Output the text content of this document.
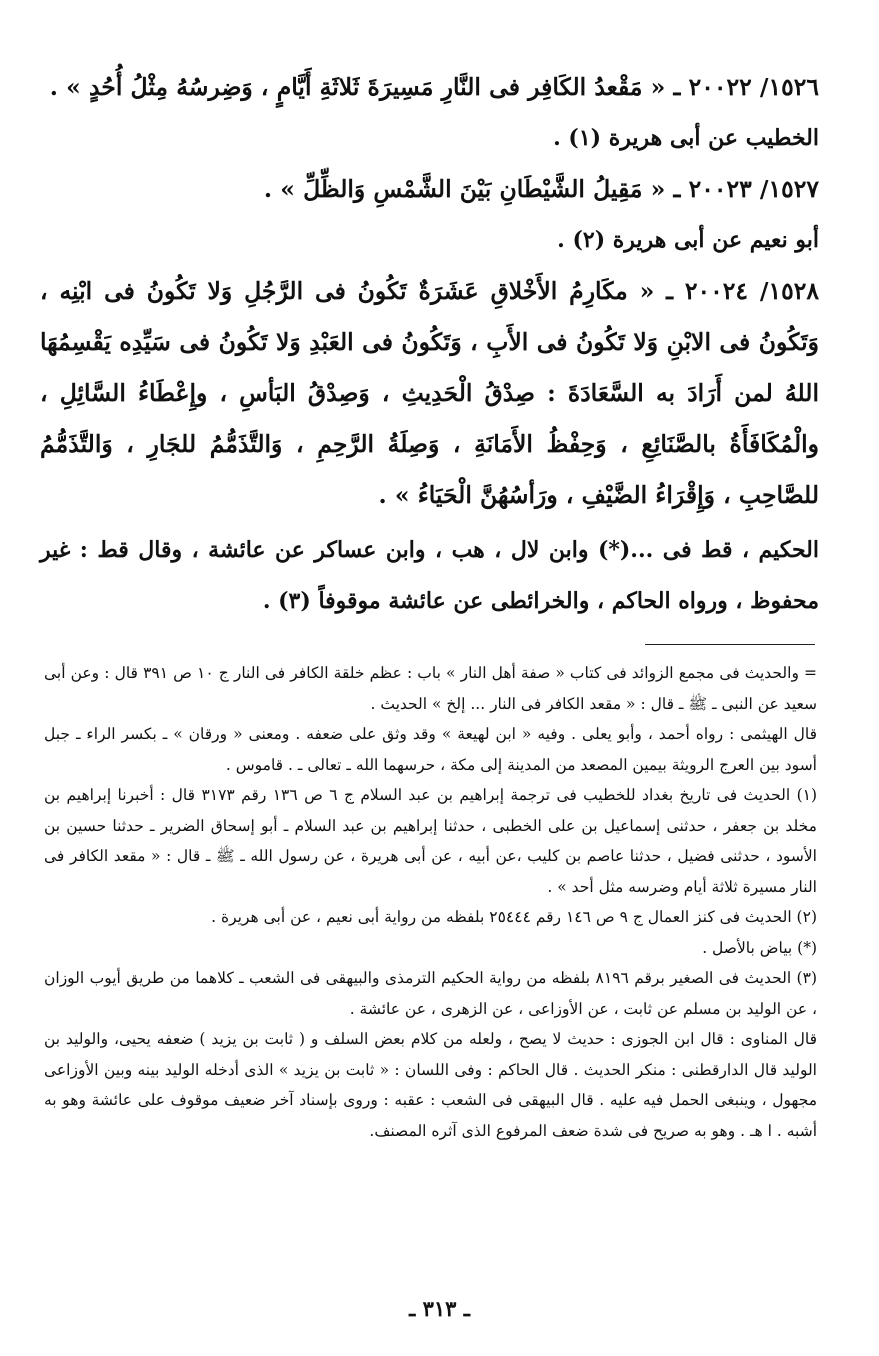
١٥٢٦/ ٢٠٠٢٢ ـ « مَقْعدُ الكَافِر فى النَّارِ مَسِيرَةَ ثَلاثَةِ أَيَّامٍ ، وَضِرسُهُ مِثْلُ أُحُدٍ » .

الخطيب عن أبى هريرة (١) .

١٥٢٧/ ٢٠٠٢٣ ـ « مَقِيلُ الشَّيْطَانِ بَيْنَ الشَّمْسِ وَالظِّلِّ » .

أبو نعيم عن أبى هريرة (٢) .

١٥٢٨/ ٢٠٠٢٤ ـ « مكَارِمُ الأَخْلاقِ عَشَرَةٌ تَكُونُ فى الرَّجُلِ وَلا تَكُونُ فى ابْنِه ، وَتَكُونُ فى الابْنِ وَلا تَكُونُ فى الأَبِ ، وَتَكُونُ فى العَبْدِ وَلا تَكُونُ فى سَيِّدِه يَقْسِمُهَا اللهُ لمن أَرَادَ به السَّعَادَةَ : صِدْقُ الْحَدِيثِ ، وَصِدْقُ البَأسِ ، وإِعْطَاءُ السَّائِلِ ، والْمُكَافَأَةُ بالصَّنَائِعِ ، وَحِفْظُ الأَمَانَةِ ، وَصِلَةُ الرَّحِمِ ، وَالتَّذَمُّمُ للجَارِ ، وَالتَّذَمُّمُ للصَّاحِبِ ، وَإِقْرَاءُ الضَّيْفِ ، ورَأسُهُنَّ الْحَيَاءُ » .

الحكيم ، قط فى ...(*) وابن لال ، هب ، وابن عساكر عن عائشة ، وقال قط : غير محفوظ ، ورواه الحاكم ، والخرائطى عن عائشة موقوفاً (٣) .

= والحديث فى مجمع الزوائد فى كتاب « صفة أهل النار » باب : عظم خلقة الكافر فى النار ج ١٠ ص ٣٩١ قال : وعن أبى سعيد عن النبى ـ ﷺ ـ قال : « مقعد الكافر فى النار ... إلخ » الحديث .

قال الهيثمى : رواه أحمد ، وأبو يعلى . وفيه « ابن لهيعة » وقد وثق على ضعفه . ومعنى « ورقان » ـ بكسر الراء ـ جبل أسود بين العرج الرويثة بيمين المصعد من المدينة إلى مكة ، حرسهما الله ـ تعالى ـ . قاموس .

(١) الحديث فى تاريخ بغداد للخطيب فى ترجمة إبراهيم بن عبد السلام ج ٦ ص ١٣٦ رقم ٣١٧٣ قال : أخبرنا إبراهيم بن مخلد بن جعفر ، حدثنى إسماعيل بن على الخطبى ، حدثنا إبراهيم بن عبد السلام ـ أبو إسحاق الضرير ـ حدثنا حسين بن الأسود ، حدثنى فضيل ، حدثنا عاصم بن كليب ،عن أبيه ، عن أبى هريرة ، عن رسول الله ـ ﷺ ـ قال : « مقعد الكافر فى النار مسيرة ثلاثة أيام وضرسه مثل أحد » .

(٢) الحديث فى كنز العمال ج ٩ ص ١٤٦ رقم ٢٥٤٤٤ بلفظه من رواية أبى نعيم ، عن أبى هريرة .

(*) بياض بالأصل .

(٣) الحديث فى الصغير برقم ٨١٩٦ بلفظه من رواية الحكيم الترمذى والبيهقى فى الشعب ـ كلاهما من طريق أيوب الوزان ، عن الوليد بن مسلم عن ثابت ، عن الأوزاعى ، عن الزهرى ، عن عائشة .

قال المناوى : قال ابن الجوزى : حديث لا يصح ، ولعله من كلام بعض السلف و ( ثابت بن يزيد ) ضعفه يحيى، والوليد بن الوليد قال الدارقطنى : منكر الحديث . قال الحاكم : وفى اللسان : « ثابت بن يزيد » الذى أدخله الوليد بينه وبين الأوزاعى مجهول ، وينبغى الحمل فيه عليه . قال البيهقى فى الشعب : عقبه : وروى بإسناد آخر ضعيف موقوف على عائشة وهو به أشبه . ا هـ . وهو به صريح فى شدة ضعف المرفوع الذى آثره المصنف.

ـ ٣١٣ ـ
